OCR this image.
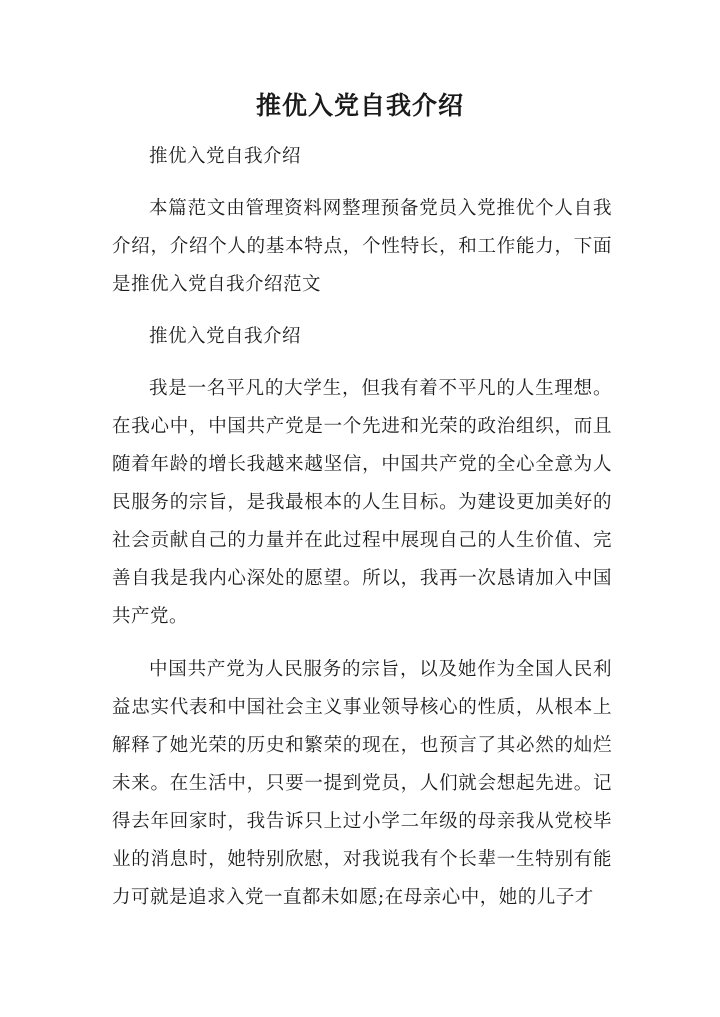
推优入党自我介绍

推优入党自我介绍

本篇范文由管理资料网整理预备党员入党推优个人自我介绍，介绍个人的基本特点，个性特长，和工作能力，下面是推优入党自我介绍范文

推优入党自我介绍

我是一名平凡的大学生，但我有着不平凡的人生理想。在我心中，中国共产党是一个先进和光荣的政治组织，而且随着年龄的增长我越来越坚信，中国共产党的全心全意为人民服务的宗旨，是我最根本的人生目标。为建设更加美好的社会贡献自己的力量并在此过程中展现自己的人生价值、完善自我是我内心深处的愿望。所以，我再一次恳请加入中国共产党。

中国共产党为人民服务的宗旨，以及她作为全国人民利益忠实代表和中国社会主义事业领导核心的性质，从根本上解释了她光荣的历史和繁荣的现在，也预言了其必然的灿烂未来。在生活中，只要一提到党员，人们就会想起先进。记得去年回家时，我告诉只上过小学二年级的母亲我从党校毕业的消息时，她特别欣慰，对我说我有个长辈一生特别有能力可就是追求入党一直都未如愿;在母亲心中，她的儿子才
